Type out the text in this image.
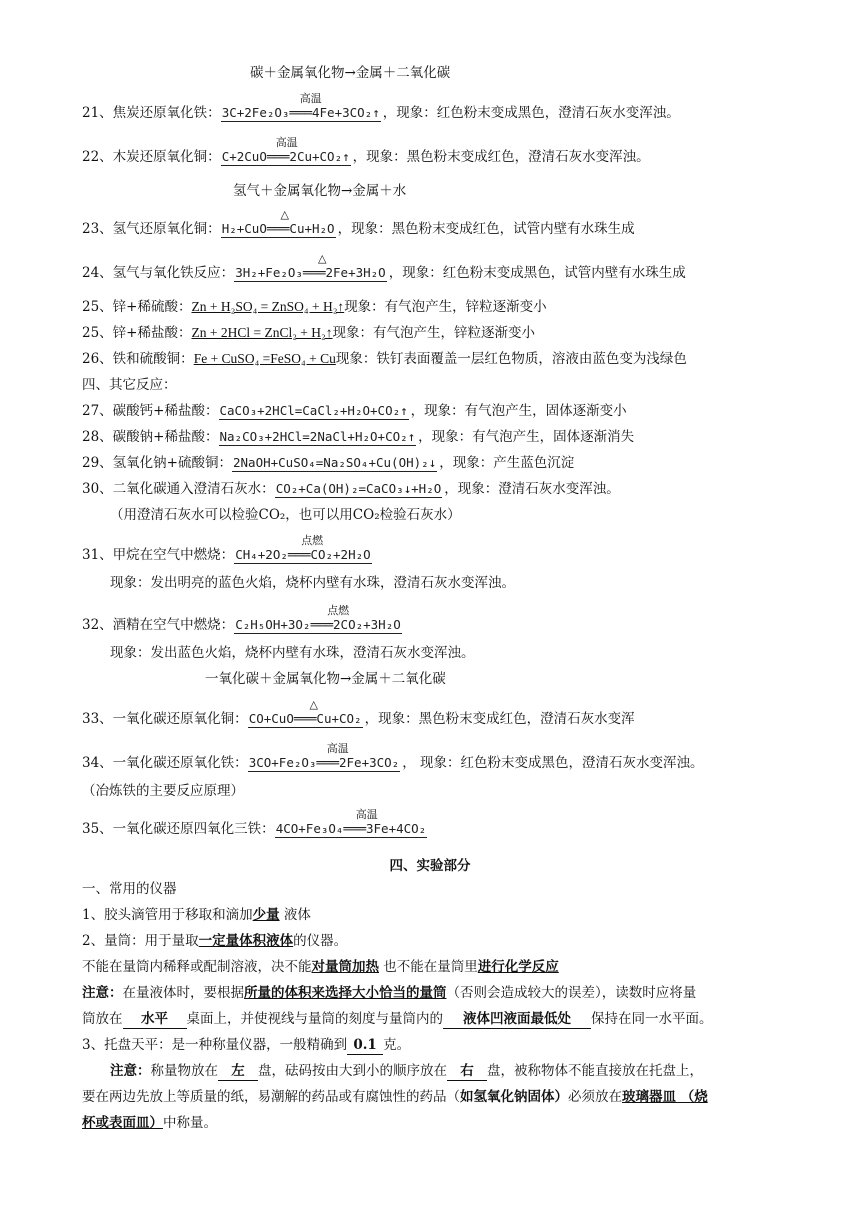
碳＋金属氧化物→金属＋二氧化碳
21、焦炭还原氧化铁：3C+2Fe₂O₃
高温
═══4Fe+3CO₂↑ ，现象：红色粉末变成黑色，澄清石灰水变浑浊。
22、木炭还原氧化铜：C+2CuO
高温
═══2Cu+CO₂↑ ，现象：黑色粉末变成红色，澄清石灰水变浑浊。
氢气＋金属氧化物→金属＋水
23、氢气还原氧化铜：H₂+CuO
△
═══Cu+H₂O ，现象：黑色粉末变成红色，试管内壁有水珠生成
24、氢气与氧化铁反应：3H₂+Fe₂O₃
△
═══2Fe+3H₂O ，现象：红色粉末变成黑色，试管内壁有水珠生成
25、锌+稀硫酸：Zn + H₂SO₄ = ZnSO₄ + H₂↑现象：有气泡产生，锌粒逐渐变小
25、锌+稀盐酸：Zn + 2HCl = ZnCl₂ + H₂↑现象：有气泡产生，锌粒逐渐变小
26、铁和硫酸铜：Fe + CuSO₄ =FeSO₄ + Cu现象：铁钉表面覆盖一层红色物质，溶液由蓝色变为浅绿色
四、其它反应：
27、碳酸钙+稀盐酸：CaCO₃+2HCl=CaCl₂+H₂O+CO₂↑ ，现象：有气泡产生，固体逐渐变小
28、碳酸钠+稀盐酸：Na₂CO₃+2HCl=2NaCl+H₂O+CO₂↑ ，现象：有气泡产生，固体逐渐消失
29、氢氧化钠+硫酸铜：2NaOH+CuSO₄=Na₂SO₄+Cu(OH)₂↓ ，现象：产生蓝色沉淀
30、二氧化碳通入澄清石灰水：CO₂+Ca(OH)₂=CaCO₃↓+H₂O ，现象：澄清石灰水变浑浊。
（用澄清石灰水可以检验CO₂，也可以用CO₂检验石灰水）
31、甲烷在空气中燃烧：CH₄+2O₂
点燃
═══CO₂+2H₂O
现象：发出明亮的蓝色火焰，烧杯内壁有水珠，澄清石灰水变浑浊。
32、酒精在空气中燃烧：C₂H₅OH+3O₂
点燃
═══2CO₂+3H₂O
现象：发出蓝色火焰，烧杯内壁有水珠，澄清石灰水变浑浊。
一氧化碳＋金属氧化物→金属＋二氧化碳
33、一氧化碳还原氧化铜：CO+CuO
△
═══Cu+CO₂ ，现象：黑色粉末变成红色，澄清石灰水变浑
34、一氧化碳还原氧化铁：3CO+Fe₂O₃
高温
═══2Fe+3CO₂ ， 现象：红色粉末变成黑色，澄清石灰水变浑浊。
（冶炼铁的主要反应原理）
35、一氧化碳还原四氧化三铁：4CO+Fe₃O₄
高温
═══3Fe+4CO₂
四、实验部分
一、常用的仪器
1、胶头滴管用于移取和滴加少量 液体
2、量筒：用于量取一定量体积液体的仪器。
不能在量筒内稀释或配制溶液，决不能对量筒加热 也不能在量筒里进行化学反应
注意：在量液体时，要根据所量的体积来选择大小恰当的量筒（否则会造成较大的误差），读数时应将量
筒放在 水平 桌面上，并使视线与量筒的刻度与量筒内的 液体凹液面最低处 保持在同一水平面。
3、托盘天平：是一种称量仪器，一般精确到 0.1 克。
注意：称量物放在 左 盘，砝码按由大到小的顺序放在 右 盘，被称物体不能直接放在托盘上，
要在两边先放上等质量的纸，易潮解的药品或有腐蚀性的药品（如氢氧化钠固体）必须放在玻璃器皿 （烧
杯或表面皿）中称量。
